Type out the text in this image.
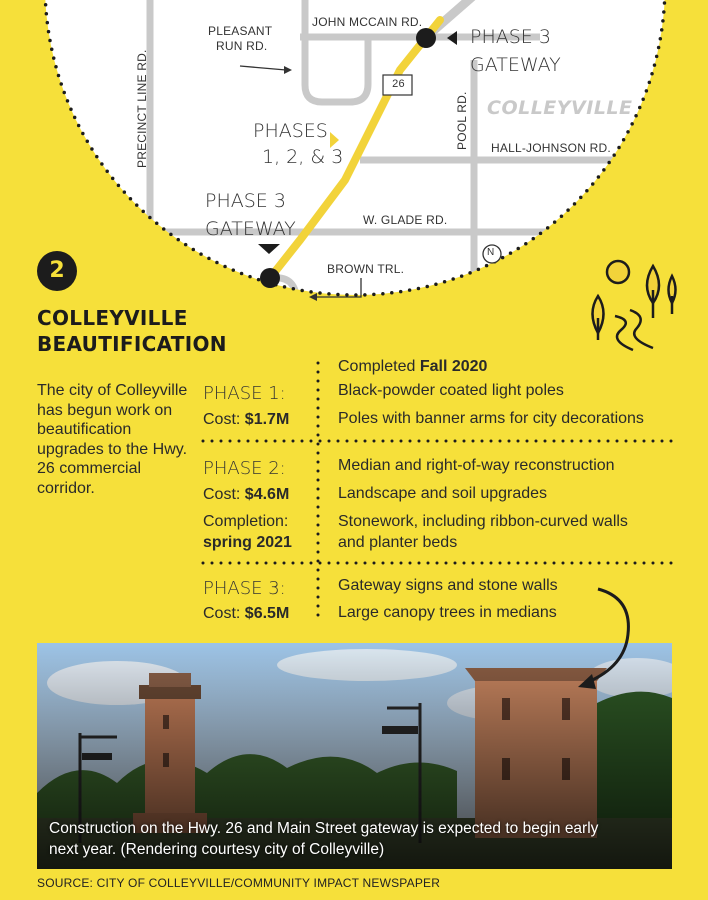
JOHN MCCAIN RD.
PLEASANT
RUN RD.
PRECINCT LINE RD.	POOL RD. HALL-JOHNSON RD.
W. GLADE RD.
BROWN TRL.
26
N
COLLEYVILLE
PHASE 3
GATEWAY
PHASES
1, 2, & 3
PHASE 3
GATEWAY
2
COLLEYVILLE
BEAUTIFICATION
The city of Colleyville has begun work on beautification upgrades to the Hwy. 26 commercial corridor.
PHASE 1:
Cost: $1.7M
Completed Fall 2020
Black-powder coated light poles
Poles with banner arms for city decorations
PHASE 2:
Cost: $4.6M
Completion:
spring 2021
Median and right-of-way reconstruction
Landscape and soil upgrades
Stonework, including ribbon-curved walls
and planter beds
PHASE 3:
Cost: $6.5M
Gateway signs and stone walls
Large canopy trees in medians
Construction on the Hwy. 26 and Main Street gateway is expected to begin early
next year. (Rendering courtesy city of Colleyville)
SOURCE: CITY OF COLLEYVILLE/COMMUNITY IMPACT NEWSPAPER
